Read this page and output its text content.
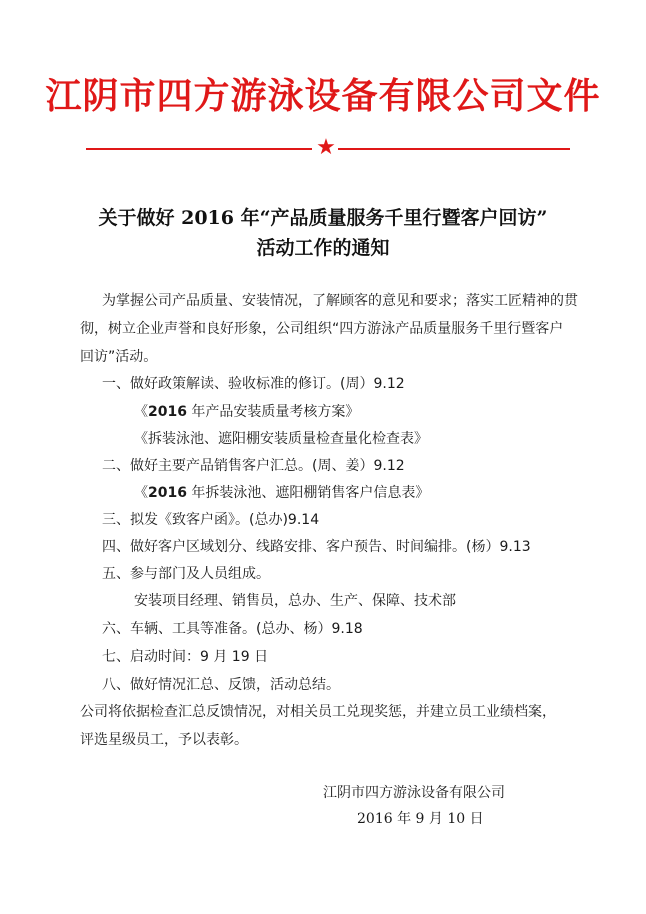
江阴市四方游泳设备有限公司文件
★
关于做好 2016 年“产品质量服务千里行暨客户回访”
活动工作的通知
为掌握公司产品质量、安装情况，了解顾客的意见和要求；落实工匠精神的贯
彻，树立企业声誉和良好形象，公司组织“四方游泳产品质量服务千里行暨客户
回访”活动。
一、做好政策解读、验收标准的修订。(周）9.12
《2016 年产品安装质量考核方案》
《拆装泳池、遮阳棚安装质量检查量化检查表》
二、做好主要产品销售客户汇总。(周、姜）9.12
《2016 年拆装泳池、遮阳棚销售客户信息表》
三、拟发《致客户函》。(总办)9.14
四、做好客户区域划分、线路安排、客户预告、时间编排。(杨）9.13
五、参与部门及人员组成。
安装项目经理、销售员，总办、生产、保障、技术部
六、车辆、工具等准备。(总办、杨）9.18
七、启动时间：9 月 19 日
八、做好情况汇总、反馈，活动总结。
公司将依据检查汇总反馈情况，对相关员工兑现奖惩，并建立员工业绩档案，
评选星级员工，予以表彰。
江阴市四方游泳设备有限公司
2016 年 9 月 10 日
